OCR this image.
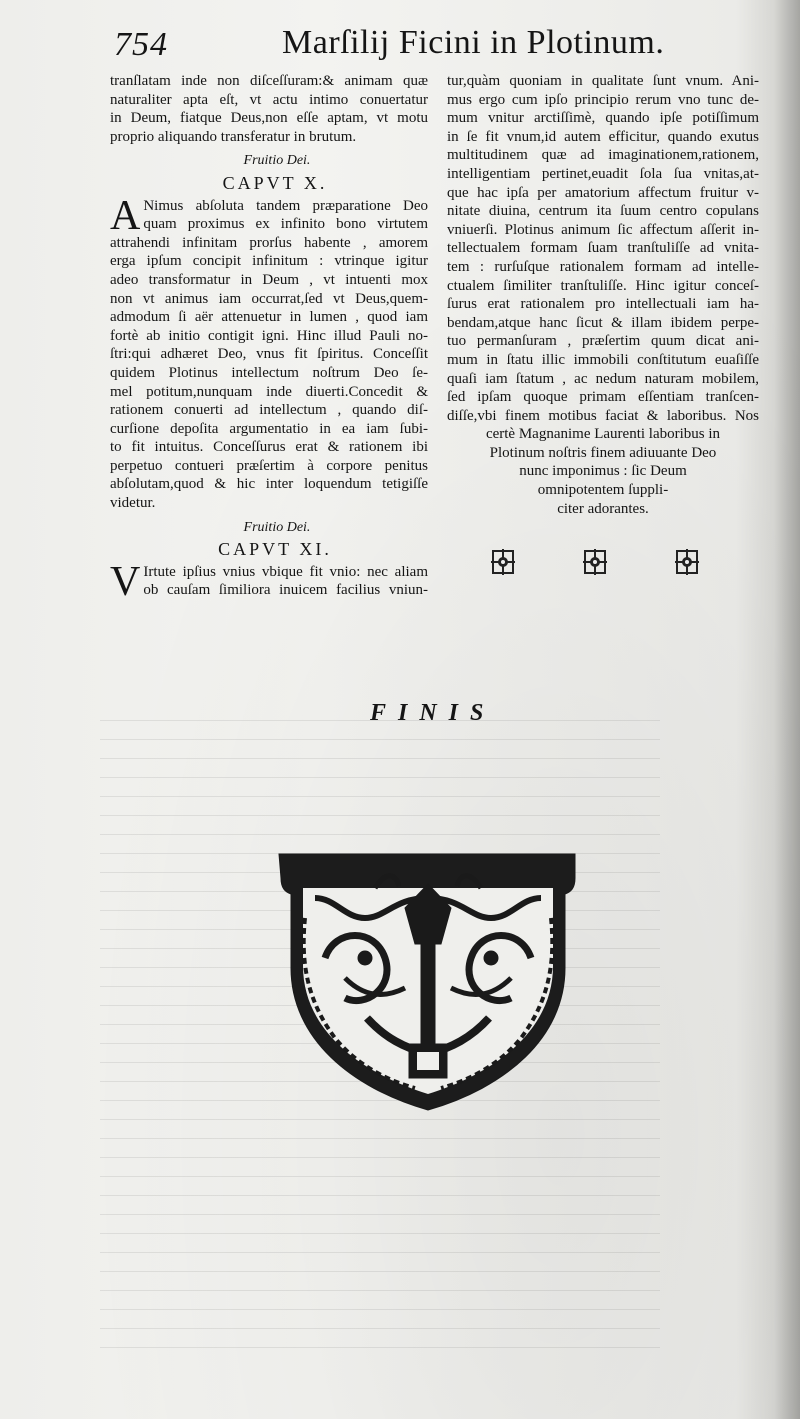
754	Marſilij Ficini in Plotinum.
tranſlatam inde non diſceſſuram:& animam quæ
naturaliter apta eſt, vt actu intimo conuertatur
in Deum, fiatque Deus,non eſſe aptam, vt motu
proprio aliquando transferatur in brutum.
Fruitio Dei.
CAPVT X.
A Nimus abſoluta tandem præparatione Deo
quam proximus ex infinito bono virtutem
attrahendi infinitam prorſus habente , amorem
erga ipſum concipit infinitum : vtrinque igitur
adeo transformatur in Deum , vt intuenti mox
non vt animus iam occurrat,ſed vt Deus,quem-
admodum ſi aër attenuetur in lumen , quod iam
fortè ab initio contigit igni. Hinc illud Pauli no-
ſtri:qui adhæret Deo, vnus fit ſpiritus. Conceſſit
quidem Plotinus intellectum noſtrum Deo ſe-
mel potitum,nunquam inde diuerti.Concedit &
rationem conuerti ad intellectum , quando diſ-
curſione depoſita argumentatio in ea iam ſubi-
to fit intuitus. Conceſſurus erat & rationem ibi
perpetuo contueri præſertim à corpore penitus
abſolutam,quod & hic inter loquendum tetigiſſe
videtur.
Fruitio Dei.
CAPVT XI.
V Irtute ipſius vnius vbique fit vnio: nec aliam
ob cauſam ſimiliora inuicem facilius vniun-
tur,quàm quoniam in qualitate ſunt vnum. Ani-
mus ergo cum ipſo principio rerum vno tunc de-
mum vnitur arctiſſimè, quando ipſe potiſſimum
in ſe fit vnum,id autem efficitur, quando exutus
multitudinem quæ ad imaginationem,rationem,
intelligentiam pertinet,euadit ſola ſua vnitas,at-
que hac ipſa per amatorium affectum fruitur v-
nitate diuina, centrum ita ſuum centro copulans
vniuerſi. Plotinus animum ſic affectum aſſerit in-
tellectualem formam ſuam tranſtuliſſe ad vnita-
tem : rurſuſque rationalem formam ad intelle-
ctualem ſimiliter tranſtuliſſe. Hinc igitur conceſ-
ſurus erat rationalem pro intellectuali iam ha-
bendam,atque hanc ſicut & illam ibidem perpe-
tuo permanſuram , præſertim quum dicat ani-
mum in ſtatu illic immobili conſtitutum euaſiſſe
quaſi iam ſtatum , ac nedum naturam mobilem,
ſed ipſam quoque primam eſſentiam tranſcen-
diſſe,vbi finem motibus faciat & laboribus. Nos
certè Magnanime Laurenti laboribus in
Plotinum noſtris finem adiuuante Deo
nunc imponimus : ſic Deum
omnipotentem ſuppli-
citer adorantes.
FINIS
